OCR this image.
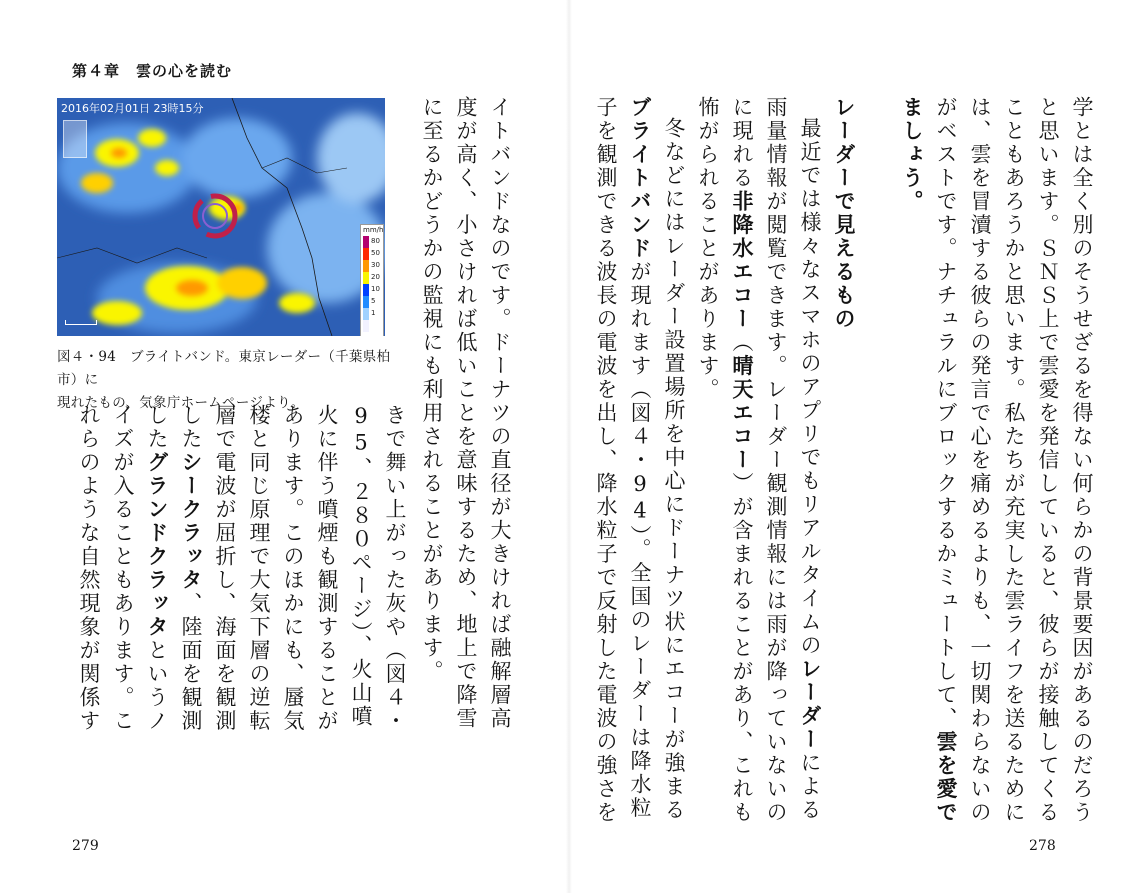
学とは全く別のそうせざるを得ない何らかの背景要因があるのだろうと思います。ＳＮＳ上で雲愛を発信していると、彼らが接触してくることもあろうかと思います。私たちが充実した雲ライフを送るためには、雲を冒瀆する彼らの発言で心を痛めるよりも、一切関わらないのがベストです。ナチュラルにブロックするかミュートして、雲を愛でましょう。

レーダーで見えるもの

最近では様々なスマホのアプリでもリアルタイムのレーダーによる雨量情報が閲覧できます。レーダー観測情報には雨が降っていないのに現れる非降水エコー（晴天エコー）が含まれることがあり、これも怖がられることがあります。

冬などにはレーダー設置場所を中心にドーナツ状にエコーが強まるブライトバンドが現れます（図４・94）。全国のレーダーは降水粒子を観測できる波長の電波を出し、降水粒子で反射した電波の強さを

278
第４章　雲の心を読む
2016年02月01日 23時15分
mm/h
80
50
30
20
10
5
1

図４・94　ブライトバンド。東京レーダー（千葉県柏市）に

現れたもの、気象庁ホームページより。	イトバンドなのです。ドーナツの直径が大きければ融解層高度が高く、小さければ低いことを意味するため、地上で降雪に至るかどうかの監視にも利用されることがあります。

きで舞い上がった灰や（図４・95、２８０ページ）、火山噴火に伴う噴煙も観測することがあります。このほかにも、蜃気楼と同じ原理で大気下層の逆転層で電波が屈折し、海面を観測したシークラッタ、陸面を観測したグランドクラッタというノイズが入ることもあります。これらのような自然現象が関係す

279
